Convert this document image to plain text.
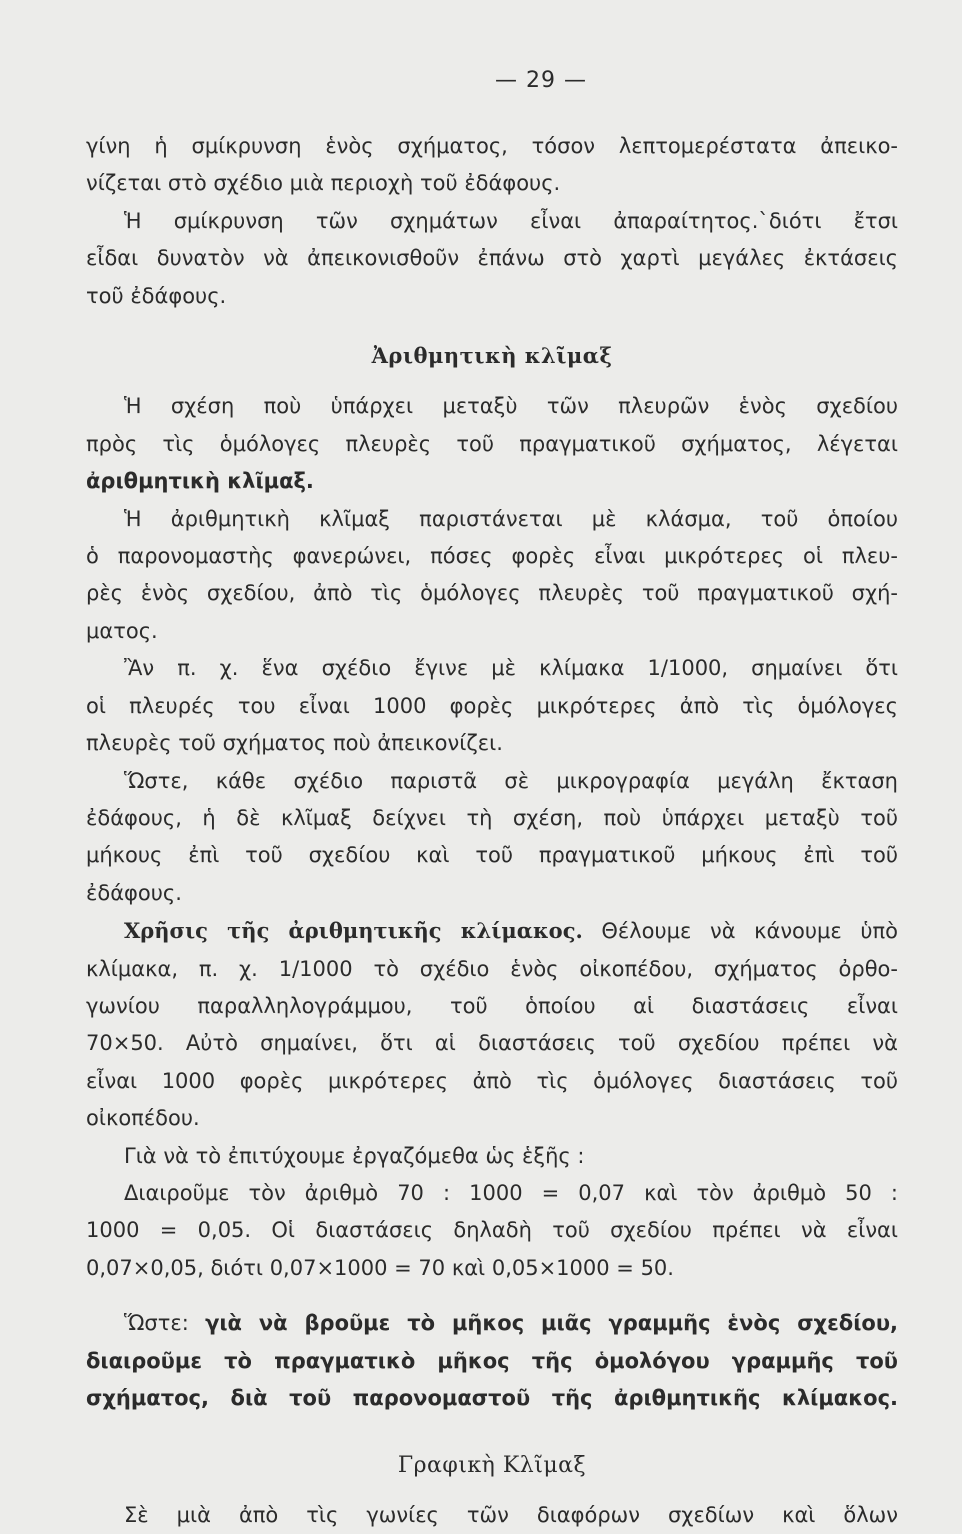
— 29 —

γίνη ἡ σμίκρυνση ἑνὸς σχήματος, τόσον λεπτομερέστατα ἀπεικο-

νίζεται στὸ σχέδιο μιὰ περιοχὴ τοῦ ἐδάφους.

Ἡ σμίκρυνση τῶν σχημάτων εἶναι ἀπαραίτητος.`διότι ἔτσι

εἶδαι δυνατὸν νὰ ἀπεικονισθοῦν ἐπάνω στὸ χαρτὶ μεγάλες ἐκτάσεις

τοῦ ἐδάφους.

Ἀριθμητικὴ κλῖμαξ

Ἡ σχέση ποὺ ὑπάρχει μεταξὺ τῶν πλευρῶν ἑνὸς σχεδίου

πρὸς τὶς ὁμόλογες πλευρὲς τοῦ πραγματικοῦ σχήματος, λέγεται

ἀριθμητικὴ κλῖμαξ.

Ἡ ἀριθμητικὴ κλῖμαξ παριστάνεται μὲ κλάσμα, τοῦ ὁποίου

ὁ παρονομαστὴς φανερώνει, πόσες φορὲς εἶναι μικρότερες οἱ πλευ-

ρὲς ἑνὸς σχεδίου, ἀπὸ τὶς ὁμόλογες πλευρὲς τοῦ πραγματικοῦ σχή-

ματος.

Ἂν π. χ. ἕνα σχέδιο ἔγινε μὲ κλίμακα 1/1000, σημαίνει ὅτι

οἱ πλευρές του εἶναι 1000 φορὲς μικρότερες ἀπὸ τὶς ὁμόλογες

πλευρὲς τοῦ σχήματος ποὺ ἀπεικονίζει.

Ὥστε, κάθε σχέδιο παριστᾶ σὲ μικρογραφία μεγάλη ἔκταση

ἐδάφους, ἡ δὲ κλῖμαξ δείχνει τὴ σχέση, ποὺ ὑπάρχει μεταξὺ τοῦ

μήκους ἐπὶ τοῦ σχεδίου καὶ τοῦ πραγματικοῦ μήκους ἐπὶ τοῦ

ἐδάφους.

Χρῆσις τῆς ἀριθμητικῆς κλίμακος. Θέλουμε νὰ κάνουμε ὑπὸ

κλίμακα, π. χ. 1/1000 τὸ σχέδιο ἑνὸς οἰκοπέδου, σχήματος ὀρθο-

γωνίου παραλληλογράμμου, τοῦ ὁποίου αἱ διαστάσεις εἶναι

70×50. Αὐτὸ σημαίνει, ὅτι αἱ διαστάσεις τοῦ σχεδίου πρέπει νὰ

εἶναι 1000 φορὲς μικρότερες ἀπὸ τὶς ὁμόλογες διαστάσεις τοῦ

οἰκοπέδου.

Γιὰ νὰ τὸ ἐπιτύχουμε ἐργαζόμεθα ὡς ἑξῆς :

Διαιροῦμε τὸν ἀριθμὸ 70 : 1000 = 0,07 καὶ τὸν ἀριθμὸ 50 :

1000 = 0,05. Οἱ διαστάσεις δηλαδὴ τοῦ σχεδίου πρέπει νὰ εἶναι

0,07×0,05, διότι 0,07×1000 = 70 καὶ 0,05×1000 = 50.

Ὥστε: γιὰ νὰ βροῦμε τὸ μῆκος μιᾶς γραμμῆς ἑνὸς σχεδίου,

διαιροῦμε τὸ πραγματικὸ μῆκος τῆς ὁμολόγου γραμμῆς τοῦ

σχήματος, διὰ τοῦ παρονομαστοῦ τῆς ἀριθμητικῆς κλίμακος.

Γραφικὴ Κλῖμαξ

Σὲ μιὰ ἀπὸ τὶς γωνίες τῶν διαφόρων σχεδίων καὶ ὅλων
